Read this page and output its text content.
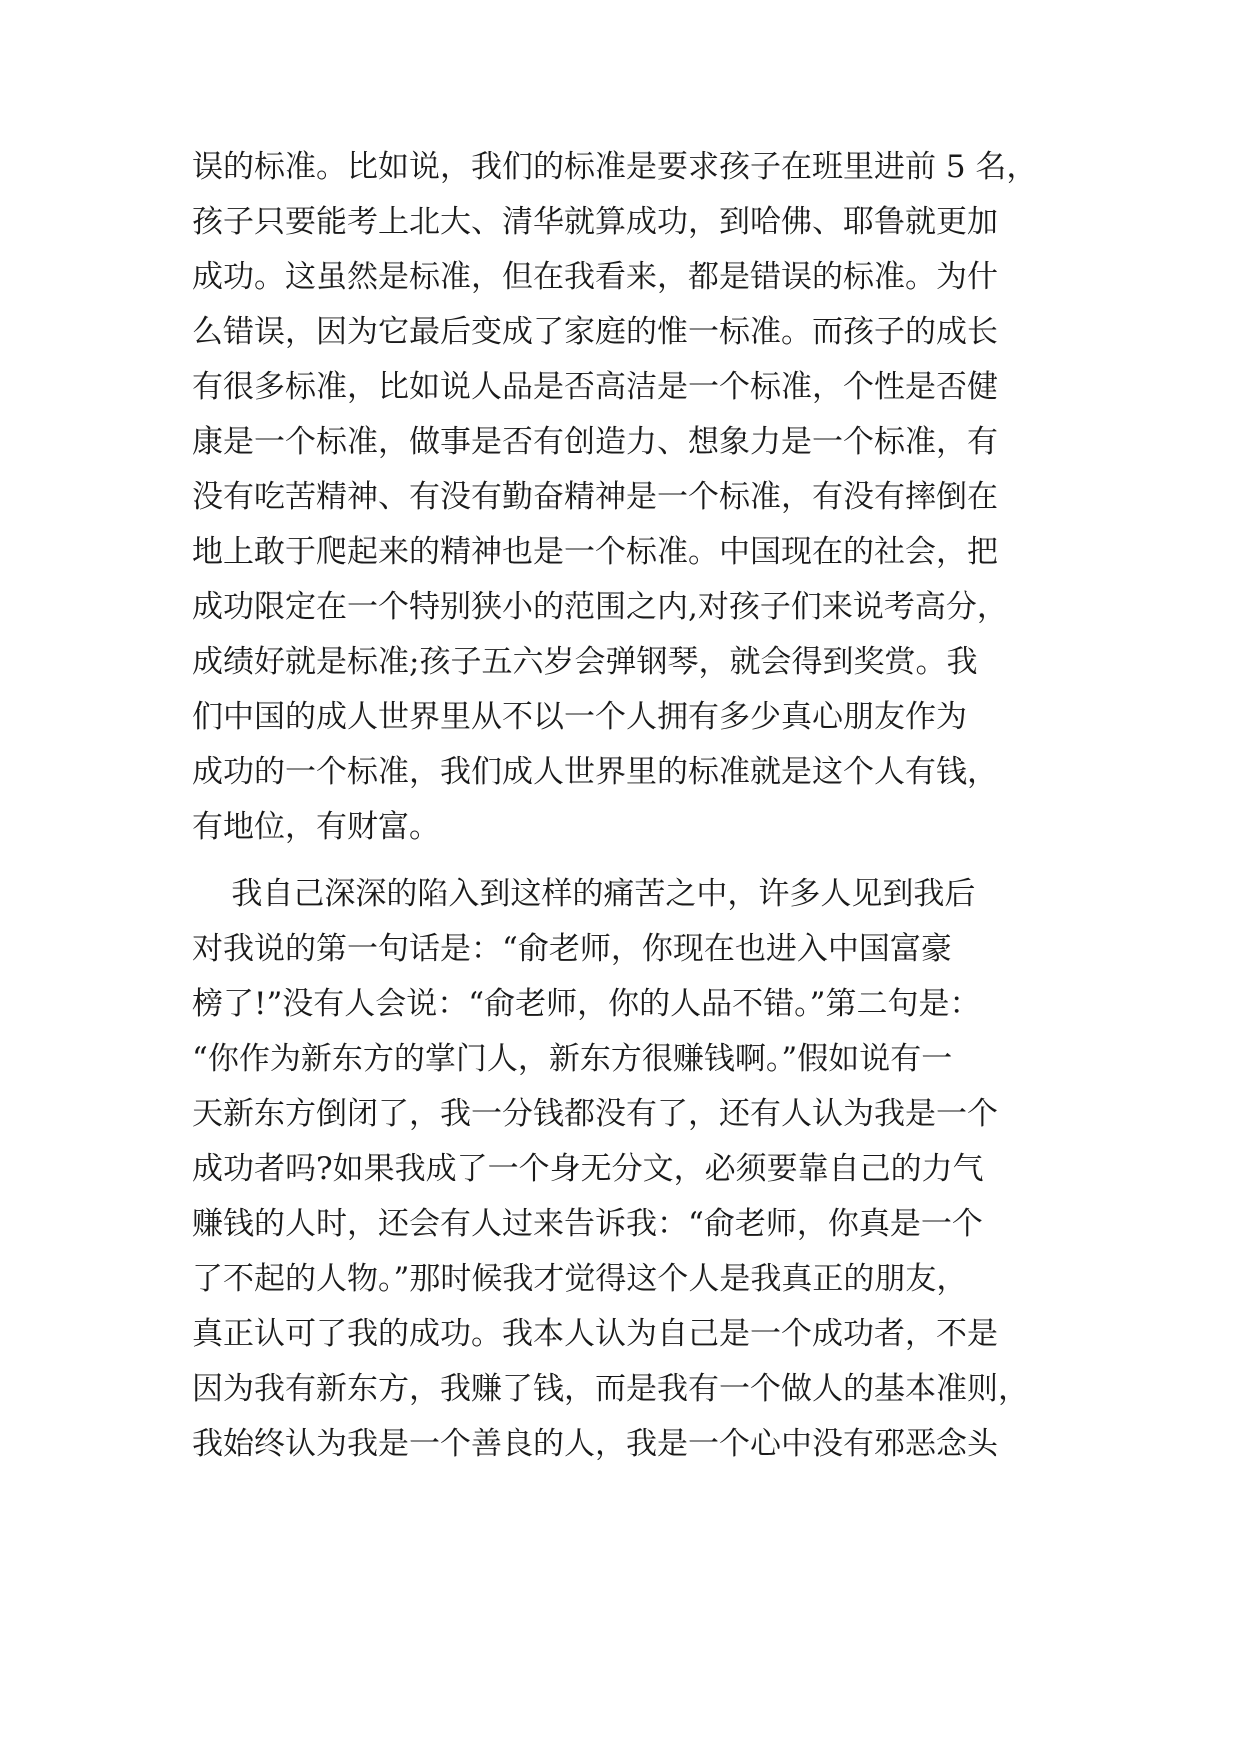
误的标准。比如说，我们的标准是要求孩子在班里进前 5 名，
孩子只要能考上北大、清华就算成功，到哈佛、耶鲁就更加
成功。这虽然是标准，但在我看来，都是错误的标准。为什
么错误，因为它最后变成了家庭的惟一标准。而孩子的成长
有很多标准，比如说人品是否高洁是一个标准，个性是否健
康是一个标准，做事是否有创造力、想象力是一个标准，有
没有吃苦精神、有没有勤奋精神是一个标准，有没有摔倒在
地上敢于爬起来的精神也是一个标准。中国现在的社会，把
成功限定在一个特别狭小的范围之内,对孩子们来说考高分，
成绩好就是标准;孩子五六岁会弹钢琴，就会得到奖赏。我
们中国的成人世界里从不以一个人拥有多少真心朋友作为
成功的一个标准，我们成人世界里的标准就是这个人有钱，
有地位，有财富。
我自己深深的陷入到这样的痛苦之中，许多人见到我后
对我说的第一句话是：“俞老师，你现在也进入中国富豪
榜了!”没有人会说：“俞老师，你的人品不错。”第二句是：
“你作为新东方的掌门人，新东方很赚钱啊。”假如说有一
天新东方倒闭了，我一分钱都没有了，还有人认为我是一个
成功者吗?如果我成了一个身无分文，必须要靠自己的力气
赚钱的人时，还会有人过来告诉我：“俞老师，你真是一个
了不起的人物。”那时候我才觉得这个人是我真正的朋友，
真正认可了我的成功。我本人认为自己是一个成功者，不是
因为我有新东方，我赚了钱，而是我有一个做人的基本准则，
我始终认为我是一个善良的人，我是一个心中没有邪恶念头
